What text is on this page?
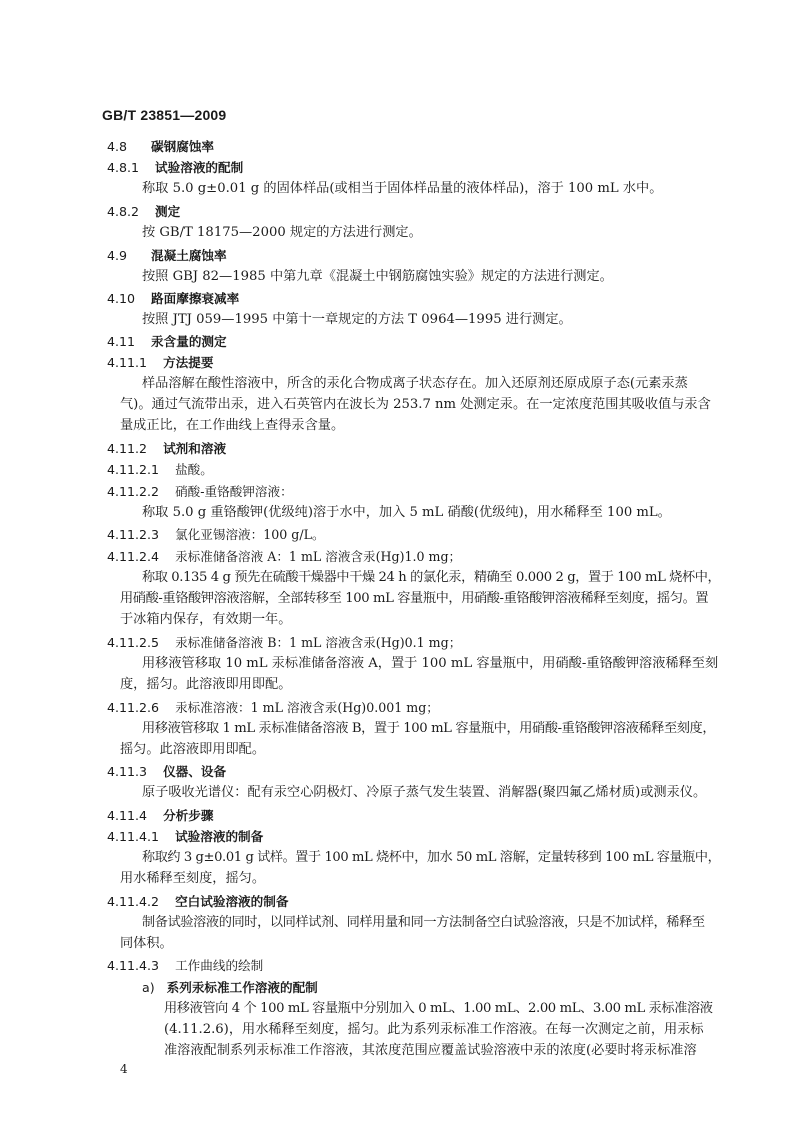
GB/T 23851—2009
4.8 碳钢腐蚀率
4.8.1 试验溶液的配制
称取 5.0 g±0.01 g 的固体样品(或相当于固体样品量的液体样品)，溶于 100 mL 水中。
4.8.2 测定
按 GB/T 18175—2000 规定的方法进行测定。
4.9 混凝土腐蚀率
按照 GBJ 82—1985 中第九章《混凝土中钢筋腐蚀实验》规定的方法进行测定。
4.10 路面摩擦衰减率
按照 JTJ 059—1995 中第十一章规定的方法 T 0964—1995 进行测定。
4.11 汞含量的测定
4.11.1 方法提要
样品溶解在酸性溶液中，所含的汞化合物成离子状态存在。加入还原剂还原成原子态(元素汞蒸
气)。通过气流带出汞，进入石英管内在波长为 253.7 nm 处测定汞。在一定浓度范围其吸收值与汞含
量成正比，在工作曲线上查得汞含量。
4.11.2 试剂和溶液
4.11.2.1 盐酸。
4.11.2.2 硝酸-重铬酸钾溶液：
称取 5.0 g 重铬酸钾(优级纯)溶于水中，加入 5 mL 硝酸(优级纯)，用水稀释至 100 mL。
4.11.2.3 氯化亚锡溶液：100 g/L。
4.11.2.4 汞标准储备溶液 A：1 mL 溶液含汞(Hg)1.0 mg；
称取 0.135 4 g 预先在硫酸干燥器中干燥 24 h 的氯化汞，精确至 0.000 2 g，置于 100 mL 烧杯中，
用硝酸-重铬酸钾溶液溶解，全部转移至 100 mL 容量瓶中，用硝酸-重铬酸钾溶液稀释至刻度，摇匀。置
于冰箱内保存，有效期一年。
4.11.2.5 汞标准储备溶液 B：1 mL 溶液含汞(Hg)0.1 mg；
用移液管移取 10 mL 汞标准储备溶液 A，置于 100 mL 容量瓶中，用硝酸-重铬酸钾溶液稀释至刻
度，摇匀。此溶液即用即配。
4.11.2.6 汞标准溶液：1 mL 溶液含汞(Hg)0.001 mg；
用移液管移取 1 mL 汞标准储备溶液 B，置于 100 mL 容量瓶中，用硝酸-重铬酸钾溶液稀释至刻度，
摇匀。此溶液即用即配。
4.11.3 仪器、设备
原子吸收光谱仪：配有汞空心阴极灯、冷原子蒸气发生装置、消解器(聚四氟乙烯材质)或测汞仪。
4.11.4 分析步骤
4.11.4.1 试验溶液的制备
称取约 3 g±0.01 g 试样。置于 100 mL 烧杯中，加水 50 mL 溶解，定量转移到 100 mL 容量瓶中，
用水稀释至刻度，摇匀。
4.11.4.2 空白试验溶液的制备
制备试验溶液的同时，以同样试剂、同样用量和同一方法制备空白试验溶液，只是不加试样，稀释至
同体积。
4.11.4.3 工作曲线的绘制
a) 系列汞标准工作溶液的配制
用移液管向 4 个 100 mL 容量瓶中分别加入 0 mL、1.00 mL、2.00 mL、3.00 mL 汞标准溶液
(4.11.2.6)，用水稀释至刻度，摇匀。此为系列汞标准工作溶液。在每一次测定之前，用汞标
准溶液配制系列汞标准工作溶液，其浓度范围应覆盖试验溶液中汞的浓度(必要时将汞标准溶
4
